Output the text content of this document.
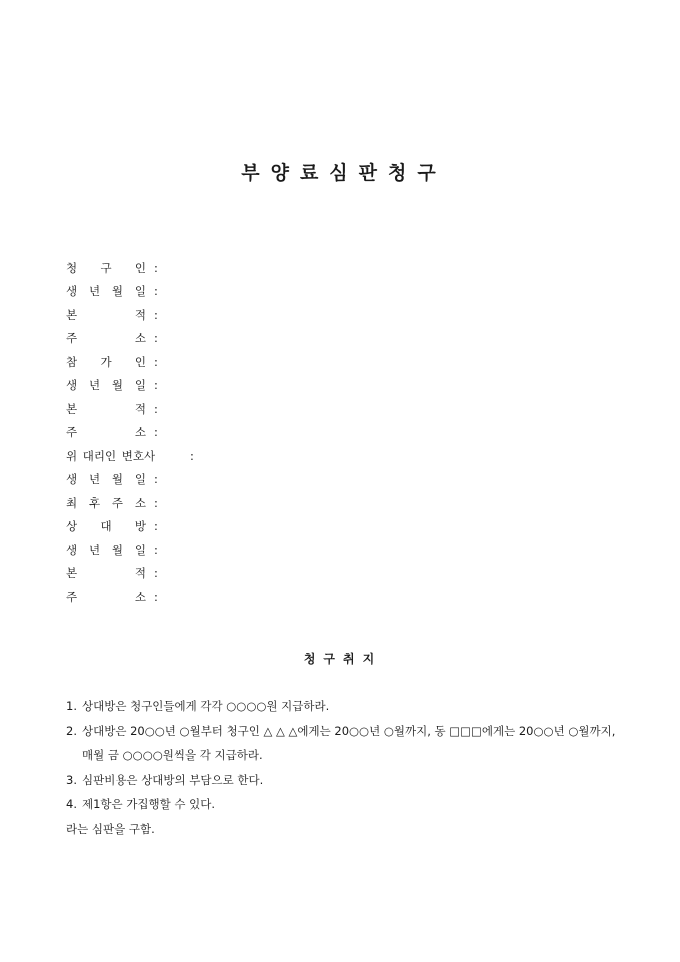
부양료심판청구
청 구 인 :
생 년 월 일 :
본	적 :
주	소 :
참 가 인 :
생 년 월 일 :
본	적 :
주	소 :
위 대리인 변호사	:
생 년 월 일 :
최 후 주 소 :
상 대 방 :
생 년 월 일 :
본	적 :
주	소 :
청구취지
1. 상대방은 청구인들에게 각각 ○○○○원 지급하라.
2. 상대방은 20○○년 ○월부터 청구인 △ △ △에게는 20○○년 ○월까지, 동 □□□에게는 20○○년 ○월까지, 매월 금 ○○○○원씩을 각 지급하라.
3. 심판비용은 상대방의 부담으로 한다.
4. 제1항은 가집행할 수 있다.
라는 심판을 구함.
